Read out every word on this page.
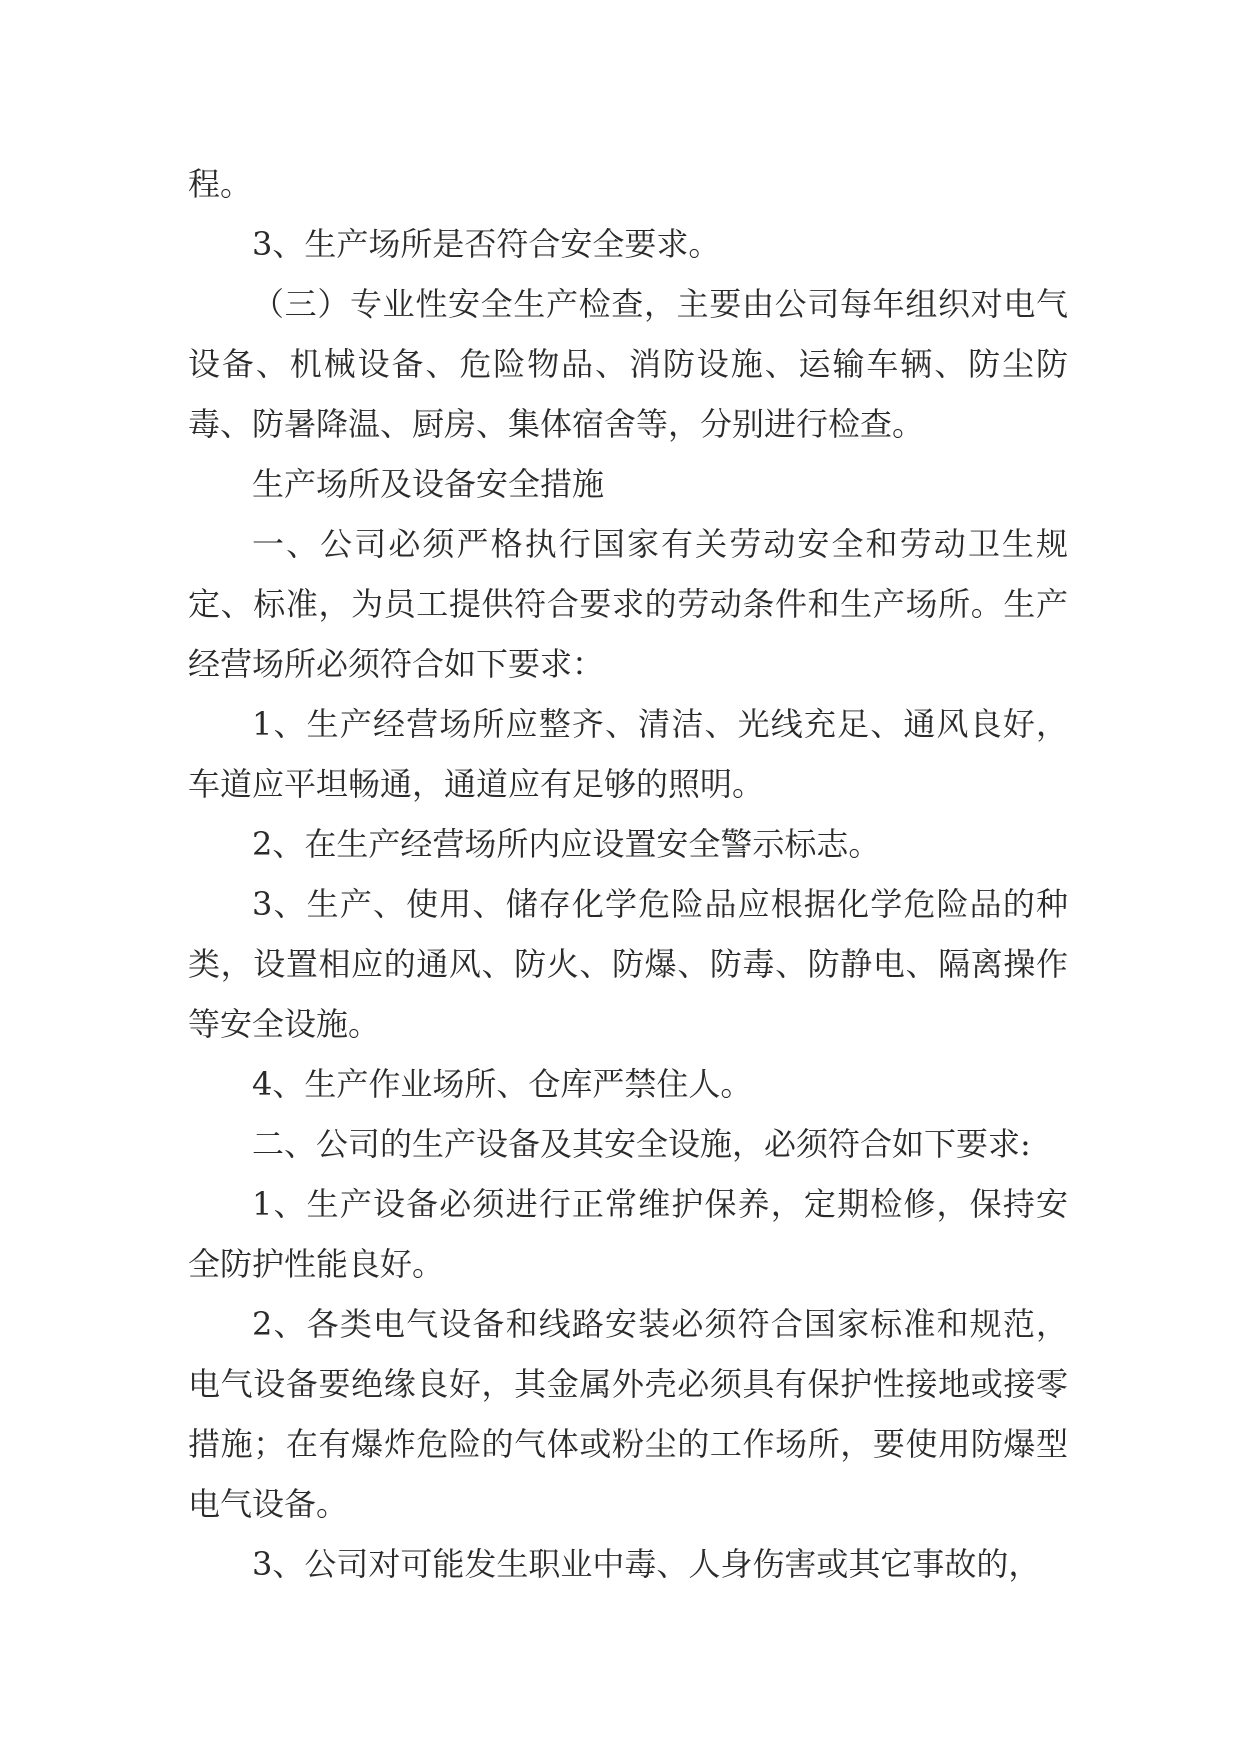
程。

3、生产场所是否符合安全要求。

（三）专业性安全生产检查，主要由公司每年组织对电气设备、机械设备、危险物品、消防设施、运输车辆、防尘防毒、防暑降温、厨房、集体宿舍等，分别进行检查。

生产场所及设备安全措施

一、公司必须严格执行国家有关劳动安全和劳动卫生规定、标准，为员工提供符合要求的劳动条件和生产场所。生产经营场所必须符合如下要求：

1、生产经营场所应整齐、清洁、光线充足、通风良好，车道应平坦畅通，通道应有足够的照明。

2、在生产经营场所内应设置安全警示标志。

3、生产、使用、储存化学危险品应根据化学危险品的种类，设置相应的通风、防火、防爆、防毒、防静电、隔离操作等安全设施。

4、生产作业场所、仓库严禁住人。

二、公司的生产设备及其安全设施，必须符合如下要求:

1、生产设备必须进行正常维护保养，定期检修，保持安全防护性能良好。

2、各类电气设备和线路安装必须符合国家标准和规范，电气设备要绝缘良好，其金属外壳必须具有保护性接地或接零措施；在有爆炸危险的气体或粉尘的工作场所，要使用防爆型电气设备。

3、公司对可能发生职业中毒、人身伤害或其它事故的，
